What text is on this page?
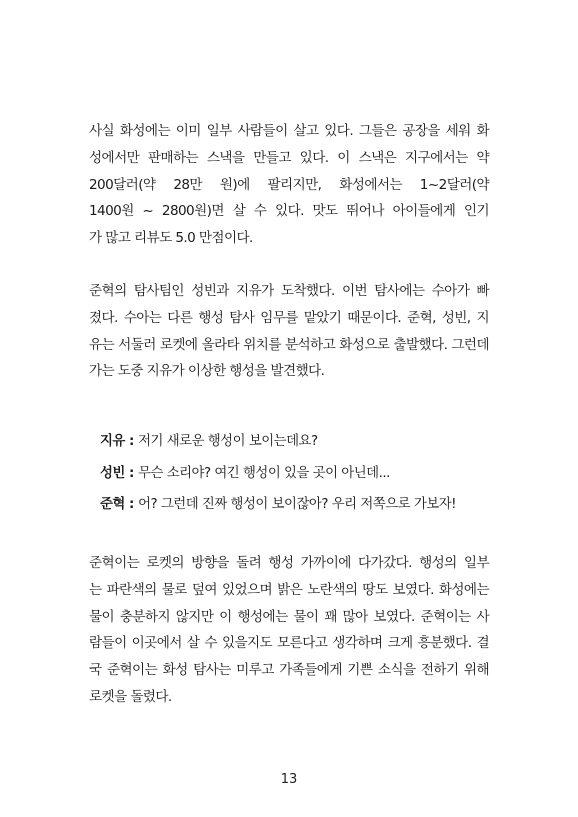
사실 화성에는 이미 일부 사람들이 살고 있다. 그들은 공장을 세워 화
성에서만 판매하는 스낵을 만들고 있다. 이 스낵은 지구에서는 약
200달러(약 28만 원)에 팔리지만, 화성에서는 1~2달러(약
1400원 ~ 2800원)면 살 수 있다. 맛도 뛰어나 아이들에게 인기
가 많고 리뷰도 5.0 만점이다.
준혁의 탐사팀인 성빈과 지유가 도착했다. 이번 탐사에는 수아가 빠
졌다. 수아는 다른 행성 탐사 임무를 맡았기 때문이다. 준혁, 성빈, 지
유는 서둘러 로켓에 올라타 위치를 분석하고 화성으로 출발했다. 그런데
가는 도중 지유가 이상한 행성을 발견했다.
지유 : 저기 새로운 행성이 보이는데요?
성빈 : 무슨 소리야? 여긴 행성이 있을 곳이 아닌데...
준혁 : 어? 그런데 진짜 행성이 보이잖아? 우리 저쪽으로 가보자!
준혁이는 로켓의 방향을 돌려 행성 가까이에 다가갔다. 행성의 일부
는 파란색의 물로 덮여 있었으며 밝은 노란색의 땅도 보였다. 화성에는
물이 충분하지 않지만 이 행성에는 물이 꽤 많아 보였다. 준혁이는 사
람들이 이곳에서 살 수 있을지도 모른다고 생각하며 크게 흥분했다. 결
국 준혁이는 화성 탐사는 미루고 가족들에게 기쁜 소식을 전하기 위해
로켓을 돌렸다.
13
